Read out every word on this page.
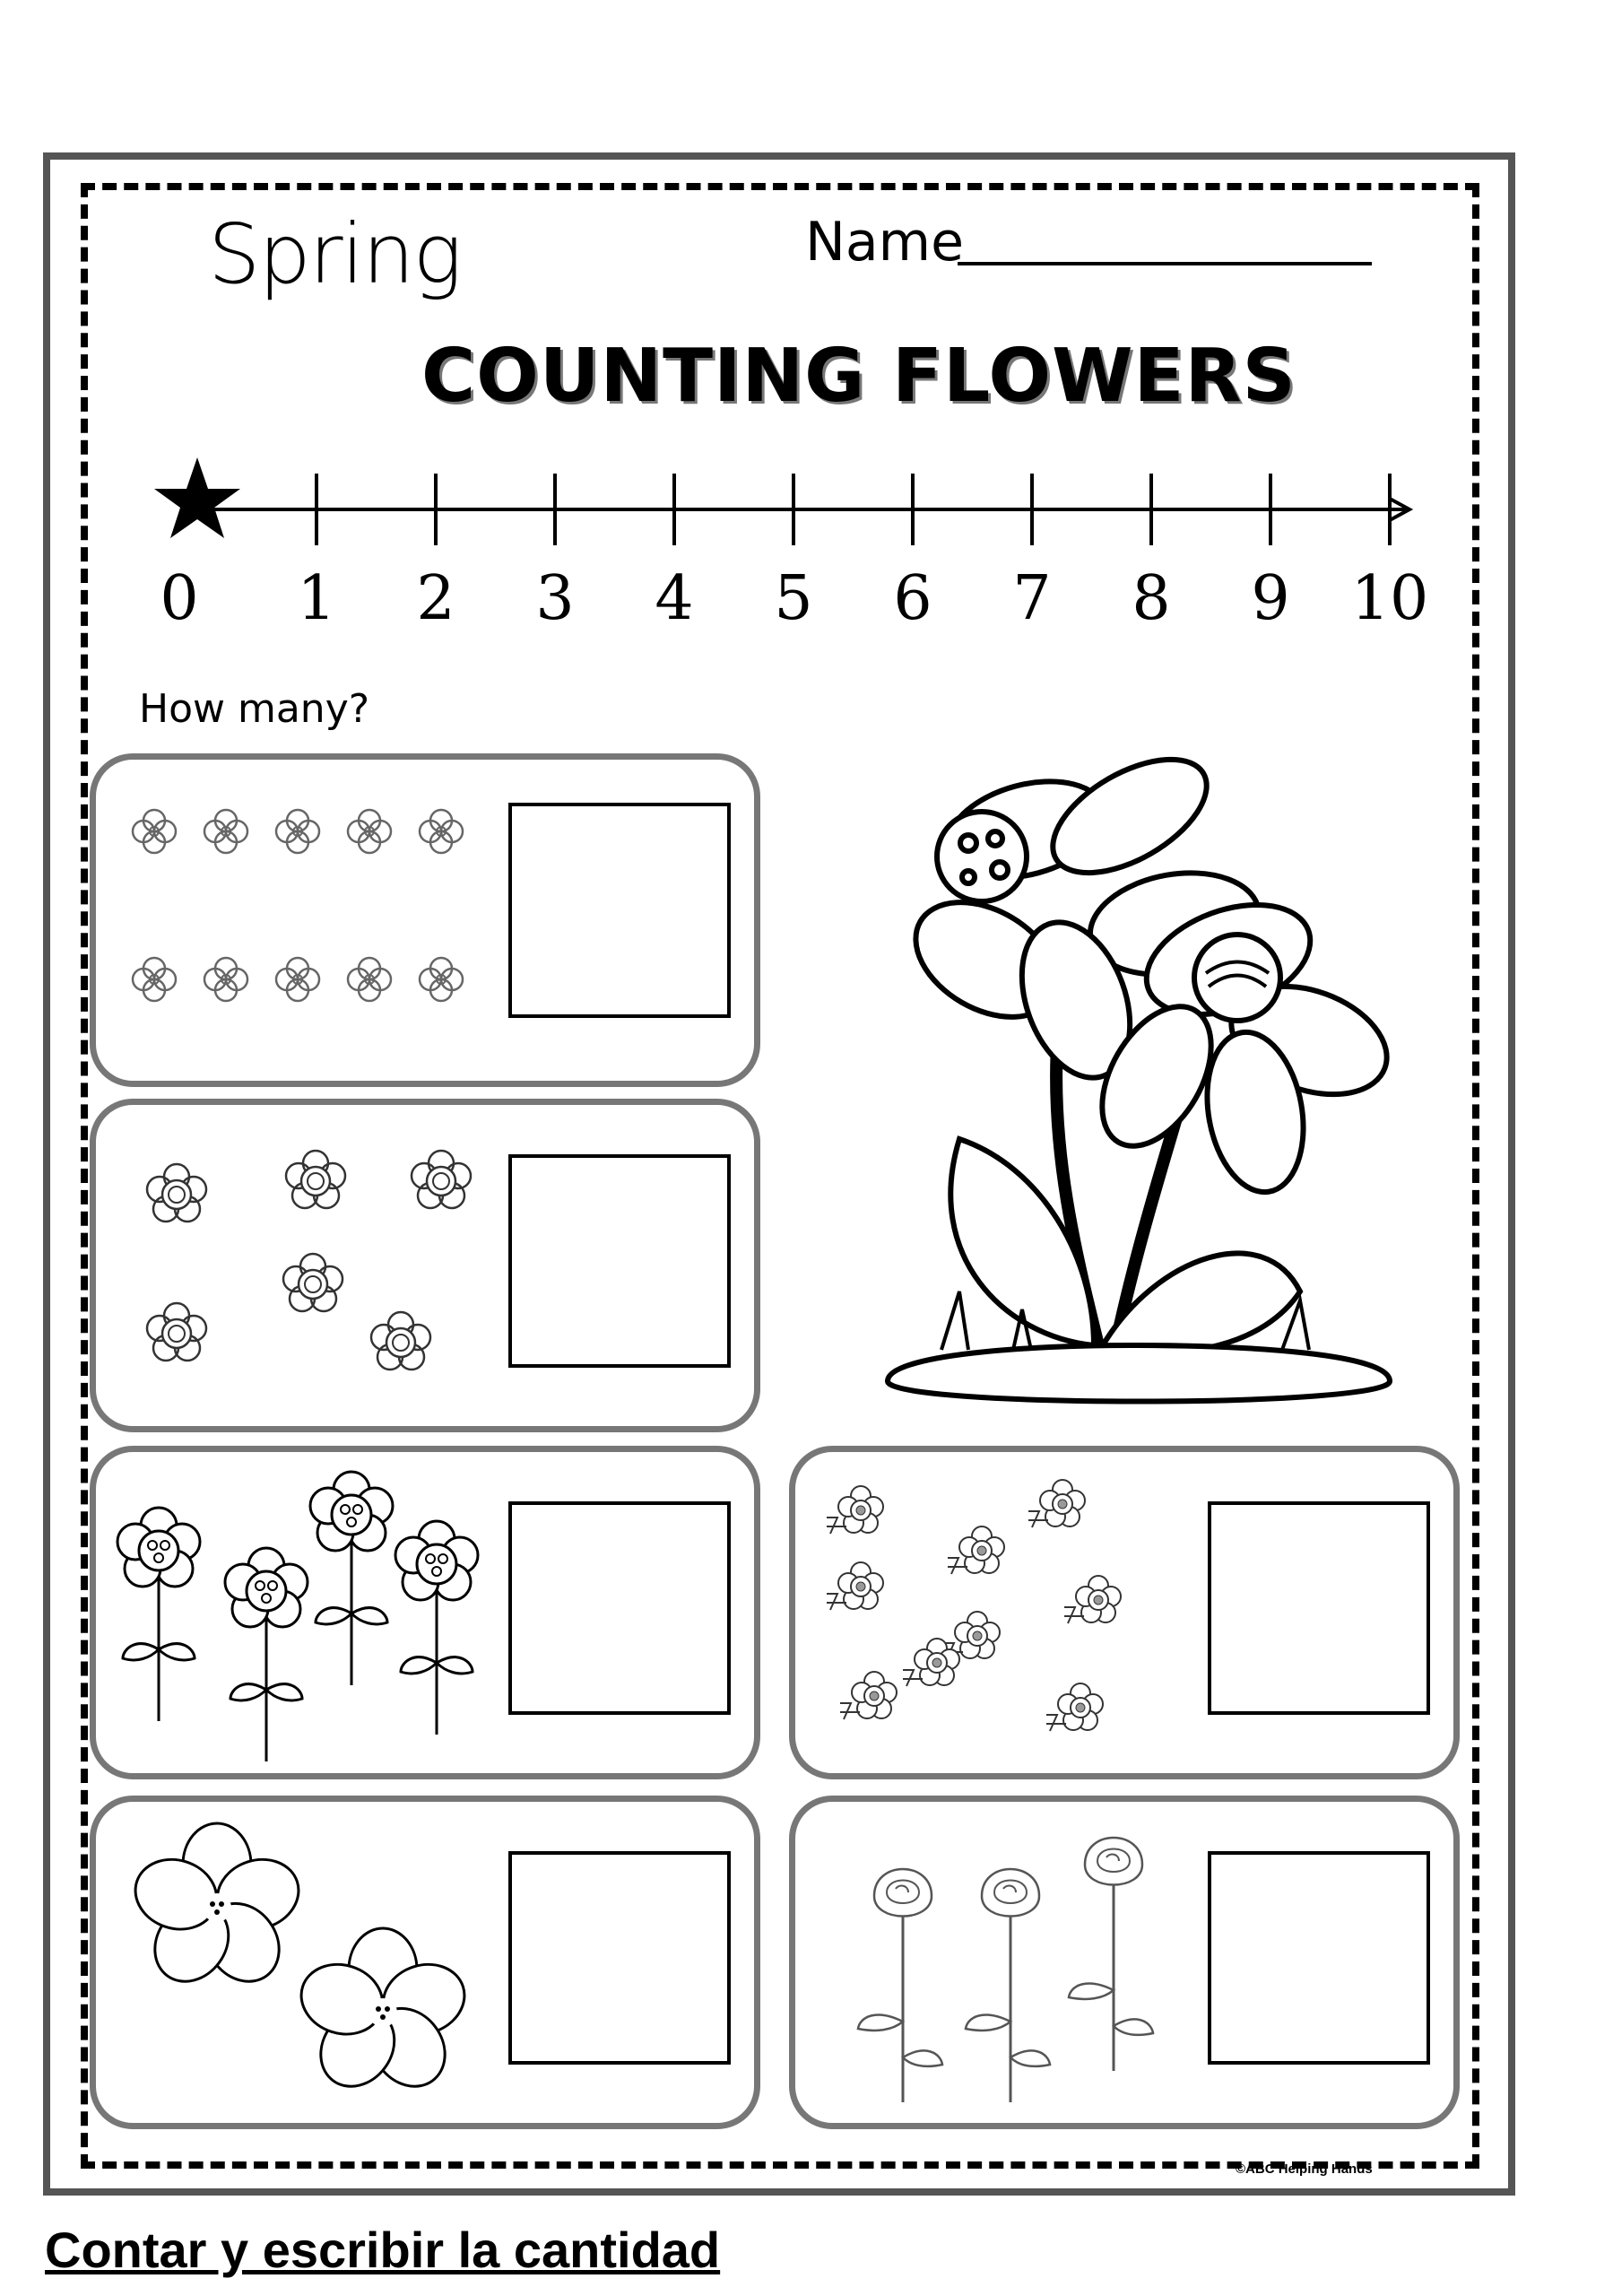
Spring	Name
COUNTING FLOWERS
0 1 2 3 4 5 6 7 8 9 10
How many?
©ABC Helping Hands
Contar y escribir la cantidad
